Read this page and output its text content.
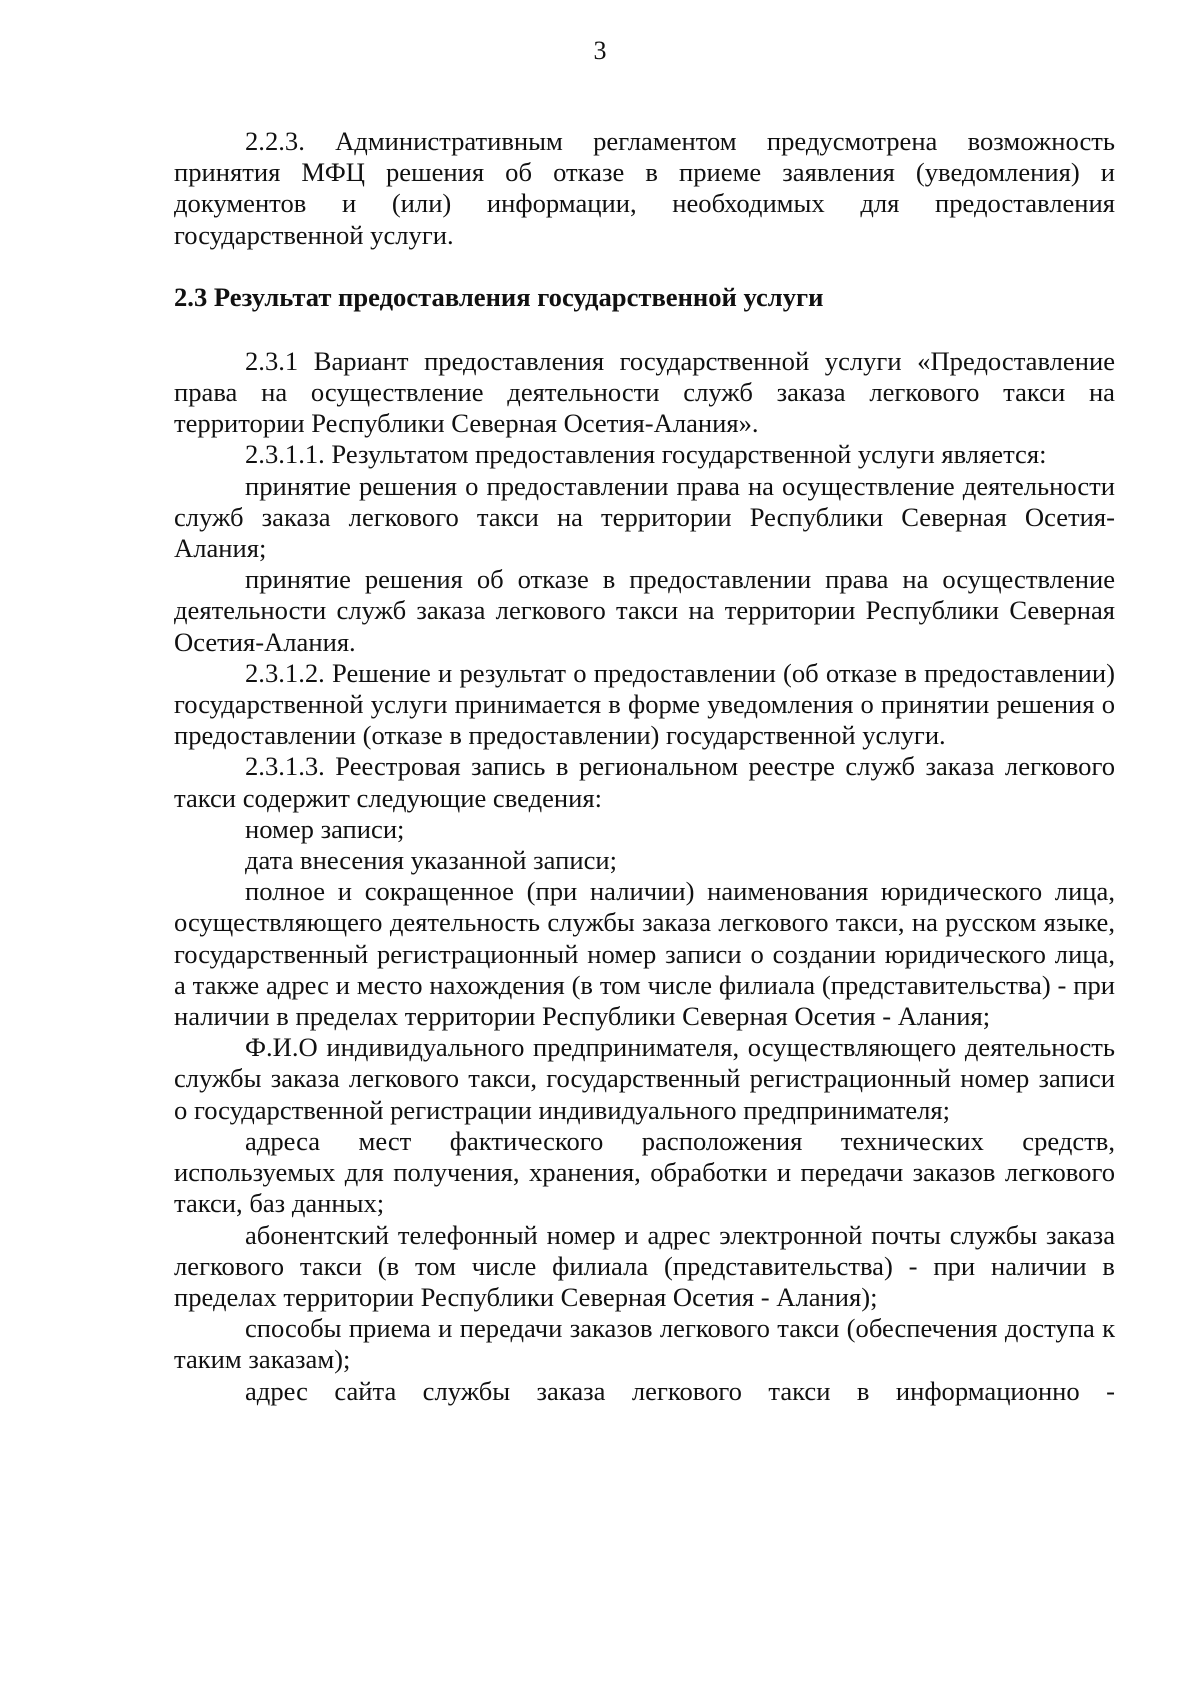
3

2.2.3. Административным регламентом предусмотрена возможность принятия МФЦ решения об отказе в приеме заявления (уведомления) и документов и (или) информации, необходимых для предоставления государственной услуги.

2.3 Результат предоставления государственной услуги

2.3.1 Вариант предоставления государственной услуги «Предоставление права на осуществление деятельности служб заказа легкового такси на территории Республики Северная Осетия-Алания».

2.3.1.1. Результатом предоставления государственной услуги является:

принятие решения о предоставлении права на осуществление деятельности служб заказа легкового такси на территории Республики Северная Осетия-Алания;

принятие решения об отказе в предоставлении права на осуществление деятельности служб заказа легкового такси на территории Республики Северная Осетия-Алания.

2.3.1.2. Решение и результат о предоставлении (об отказе в предоставлении) государственной услуги принимается в форме уведомления о принятии решения о предоставлении (отказе в предоставлении) государственной услуги.

2.3.1.3. Реестровая запись в региональном реестре служб заказа легкового такси содержит следующие сведения:

номер записи;

дата внесения указанной записи;

полное и сокращенное (при наличии) наименования юридического лица, осуществляющего деятельность службы заказа легкового такси, на русском языке, государственный регистрационный номер записи о создании юридического лица, а также адрес и место нахождения (в том числе филиала (представительства) - при наличии в пределах территории Республики Северная Осетия - Алания;

Ф.И.О индивидуального предпринимателя, осуществляющего деятельность службы заказа легкового такси, государственный регистрационный номер записи о государственной регистрации индивидуального предпринимателя;

адреса мест фактического расположения технических средств, используемых для получения, хранения, обработки и передачи заказов легкового такси, баз данных;

абонентский телефонный номер и адрес электронной почты службы заказа легкового такси (в том числе филиала (представительства) - при наличии в пределах территории Республики Северная Осетия - Алания);

способы приема и передачи заказов легкового такси (обеспечения доступа к таким заказам);

адрес сайта службы заказа легкового такси в информационно -
